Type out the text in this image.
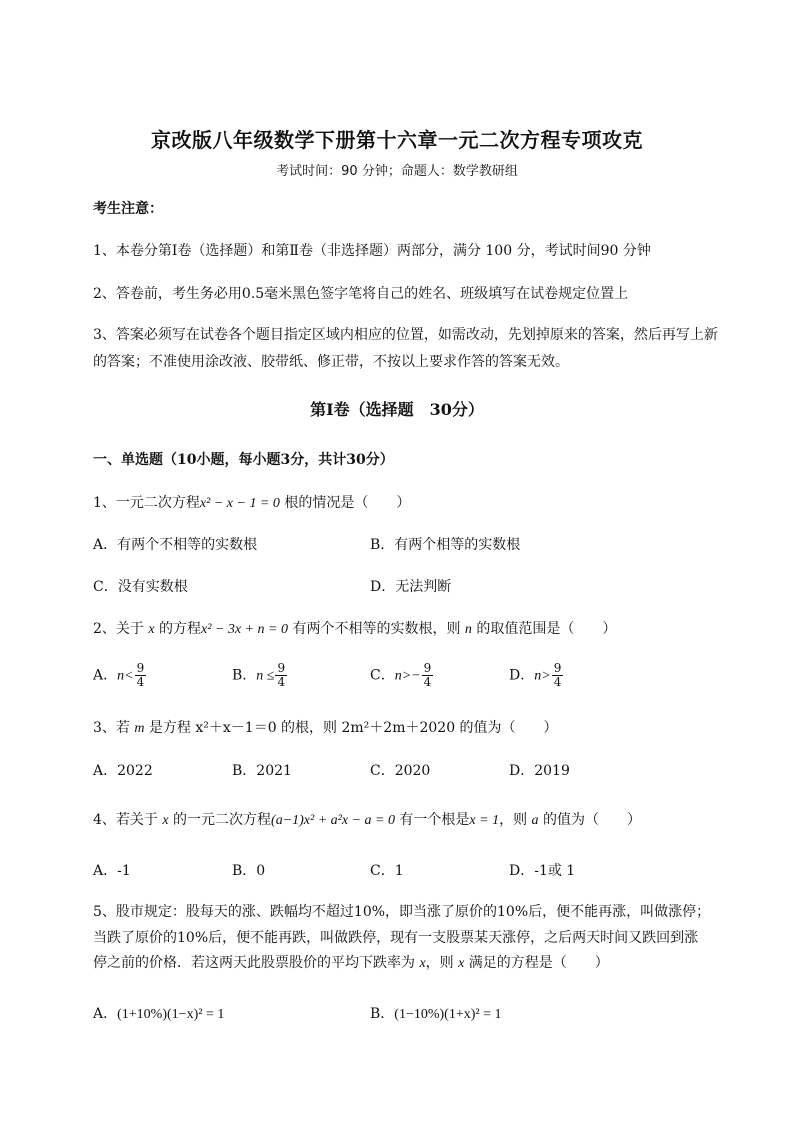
京改版八年级数学下册第十六章一元二次方程专项攻克
考试时间：90 分钟；命题人：数学教研组
考生注意：
1、本卷分第Ⅰ卷（选择题）和第Ⅱ卷（非选择题）两部分，满分 100 分，考试时间90 分钟
2、答卷前，考生务必用0.5毫米黑色签字笔将自己的姓名、班级填写在试卷规定位置上
3、答案必须写在试卷各个题目指定区域内相应的位置，如需改动，先划掉原来的答案，然后再写上新
的答案；不准使用涂改液、胶带纸、修正带，不按以上要求作答的答案无效。
第Ⅰ卷（选择题　30分）
一、单选题（10小题，每小题3分，共计30分）
1、一元二次方程x² − x − 1 = 0 根的情况是（　　）
A．有两个不相等的实数根	B．有两个相等的实数根
C．没有实数根	D．无法判断
2、关于 x 的方程x² − 3x + n = 0 有两个不相等的实数根，则 n 的取值范围是（　　）
A．$n< \frac{9}{4}$	B．$n \le \frac{9}{4}$	C．$n>- \frac{9}{4}$	D．$n> \frac{9}{4}$
3、若 m 是方程 x²＋x－1＝0 的根，则 2m²＋2m＋2020 的值为（　　）
A．2022	B．2021	C．2020	D．2019
4、若关于 x 的一元二次方程(a−1)x² + a²x − a = 0 有一个根是x = 1，则 a 的值为（　　）
A．-1	B．0	C．1	D．-1或 1
5、股市规定：股每天的涨、跌幅均不超过10%，即当涨了原价的10%后，便不能再涨，叫做涨停；
当跌了原价的10%后，便不能再跌，叫做跌停，现有一支股票某天涨停，之后两天时间又跌回到涨
停之前的价格．若这两天此股票股价的平均下跌率为 x，则 x 满足的方程是（　　）
A．(1+10%)(1−x)² = 1	B．(1−10%)(1+x)² = 1
